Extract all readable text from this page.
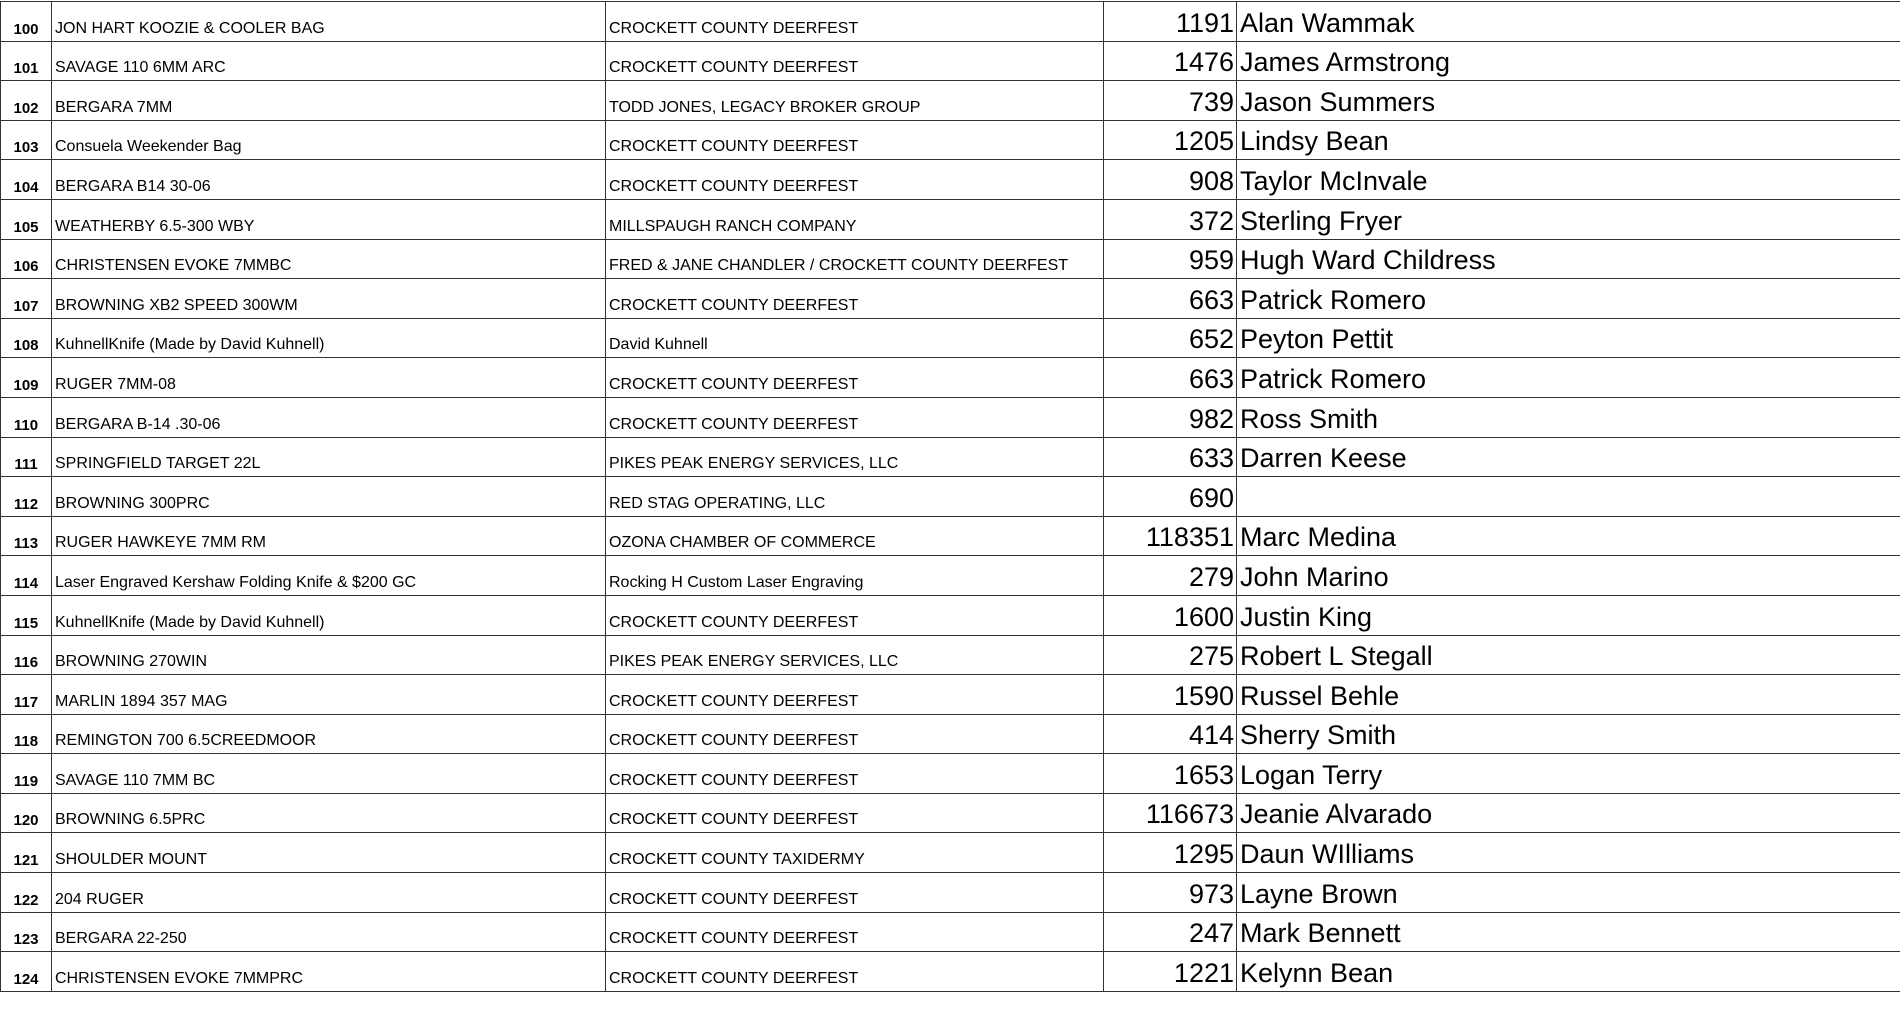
100	JON HART KOOZIE & COOLER BAG	CROCKETT COUNTY DEERFEST	1191	Alan Wammak
101	SAVAGE 110 6MM ARC	CROCKETT COUNTY DEERFEST	1476	James Armstrong
102	BERGARA 7MM	TODD JONES, LEGACY BROKER GROUP	739	Jason Summers
103	Consuela Weekender Bag	CROCKETT COUNTY DEERFEST	1205	Lindsy Bean
104	BERGARA B14 30-06	CROCKETT COUNTY DEERFEST	908	Taylor McInvale
105	WEATHERBY 6.5-300 WBY	MILLSPAUGH RANCH COMPANY	372	Sterling Fryer
106	CHRISTENSEN EVOKE 7MMBC	FRED & JANE CHANDLER / CROCKETT COUNTY DEERFEST	959	Hugh Ward Childress
107	BROWNING XB2 SPEED 300WM	CROCKETT COUNTY DEERFEST	663	Patrick Romero
108	KuhnellKnife (Made by David Kuhnell)	David Kuhnell	652	Peyton Pettit
109	RUGER 7MM-08	CROCKETT COUNTY DEERFEST	663	Patrick Romero
110	BERGARA B-14 .30-06	CROCKETT COUNTY DEERFEST	982	Ross Smith
111	SPRINGFIELD TARGET 22L	PIKES PEAK ENERGY SERVICES, LLC	633	Darren Keese
112	BROWNING 300PRC	RED STAG OPERATING, LLC	690	
113	RUGER HAWKEYE 7MM RM	OZONA CHAMBER OF COMMERCE	118351	Marc Medina
114	Laser Engraved Kershaw Folding Knife & $200 GC	Rocking H Custom Laser Engraving	279	John Marino
115	KuhnellKnife (Made by David Kuhnell)	CROCKETT COUNTY DEERFEST	1600	Justin King
116	BROWNING 270WIN	PIKES PEAK ENERGY SERVICES, LLC	275	Robert L Stegall
117	MARLIN 1894 357 MAG	CROCKETT COUNTY DEERFEST	1590	Russel Behle
118	REMINGTON 700 6.5CREEDMOOR	CROCKETT COUNTY DEERFEST	414	Sherry Smith
119	SAVAGE 110 7MM BC	CROCKETT COUNTY DEERFEST	1653	Logan Terry
120	BROWNING 6.5PRC	CROCKETT COUNTY DEERFEST	116673	Jeanie Alvarado
121	SHOULDER MOUNT	CROCKETT COUNTY TAXIDERMY	1295	Daun WIlliams
122	204 RUGER	CROCKETT COUNTY DEERFEST	973	Layne Brown
123	BERGARA 22-250	CROCKETT COUNTY DEERFEST	247	Mark Bennett
124	CHRISTENSEN EVOKE 7MMPRC	CROCKETT COUNTY DEERFEST	1221	Kelynn Bean
